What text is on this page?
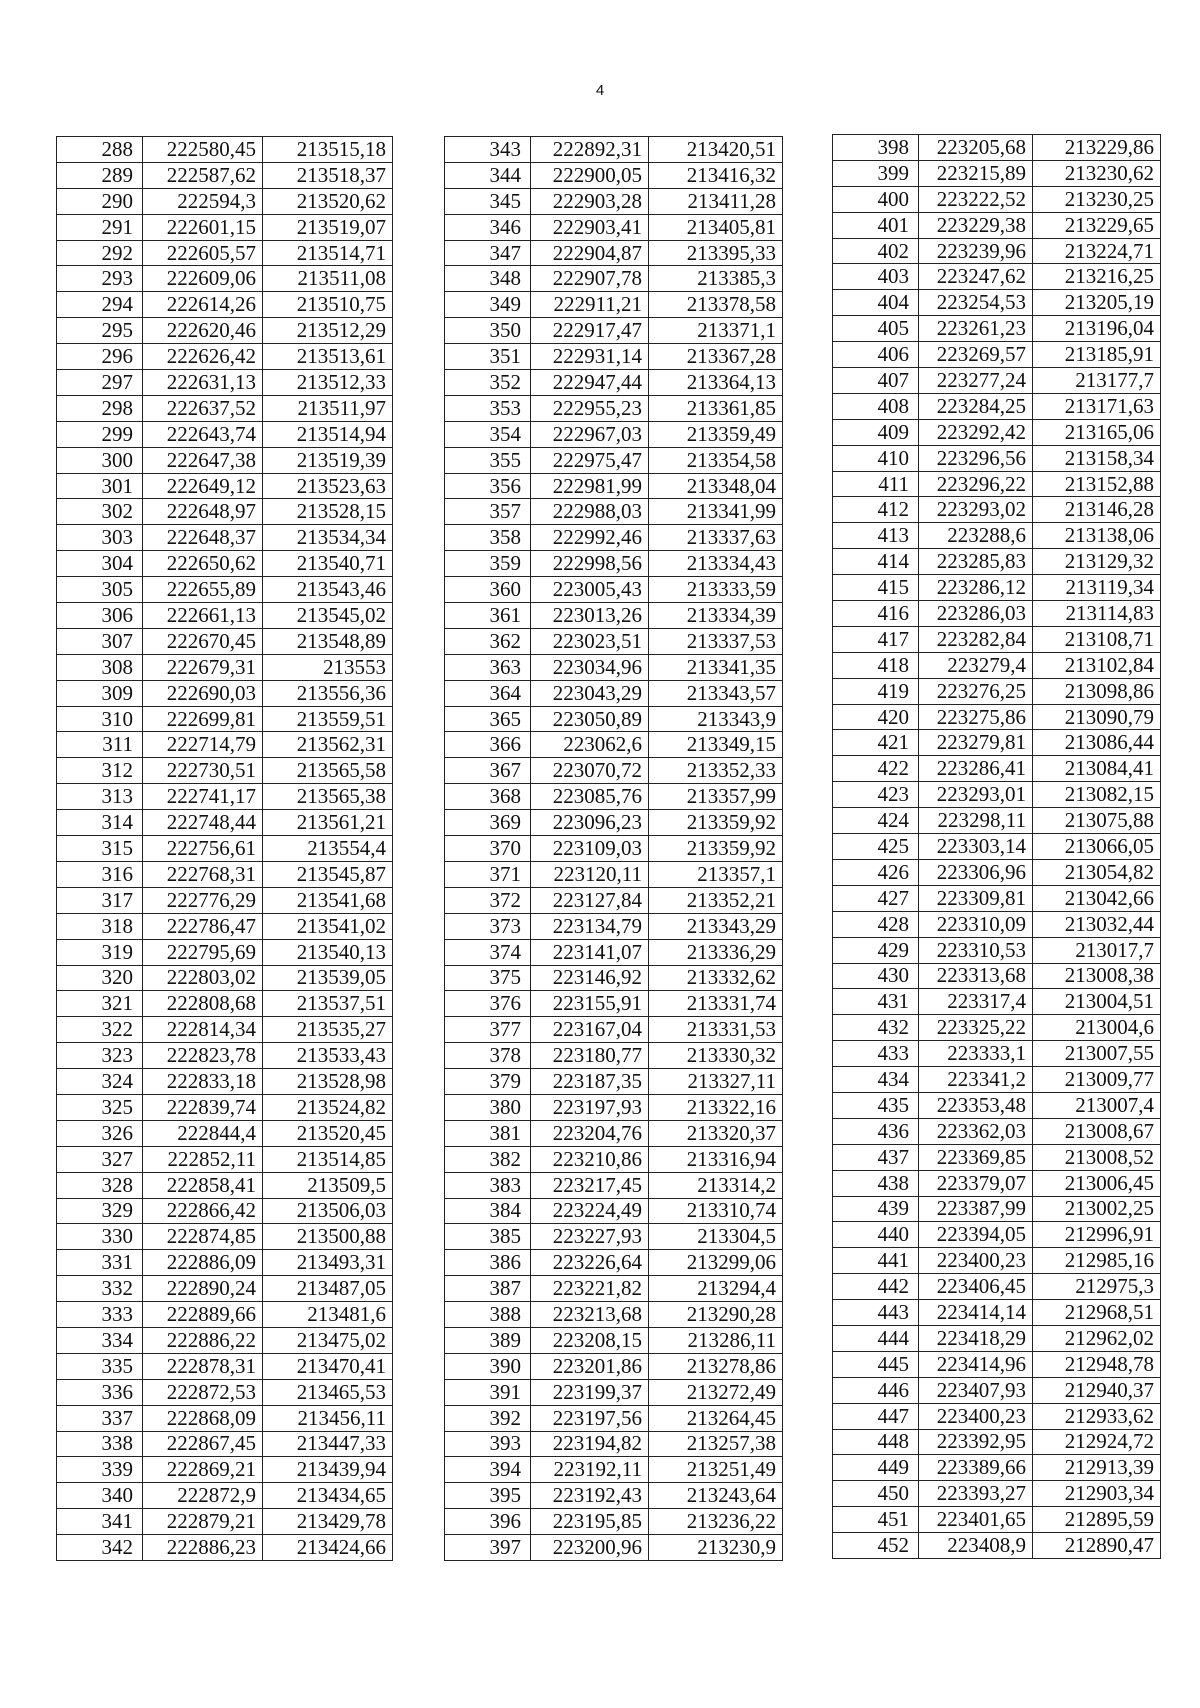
4
288	222580,45	213515,18
289	222587,62	213518,37
290	222594,3	213520,62
291	222601,15	213519,07
292	222605,57	213514,71
293	222609,06	213511,08
294	222614,26	213510,75
295	222620,46	213512,29
296	222626,42	213513,61
297	222631,13	213512,33
298	222637,52	213511,97
299	222643,74	213514,94
300	222647,38	213519,39
301	222649,12	213523,63
302	222648,97	213528,15
303	222648,37	213534,34
304	222650,62	213540,71
305	222655,89	213543,46
306	222661,13	213545,02
307	222670,45	213548,89
308	222679,31	213553
309	222690,03	213556,36
310	222699,81	213559,51
311	222714,79	213562,31
312	222730,51	213565,58
313	222741,17	213565,38
314	222748,44	213561,21
315	222756,61	213554,4
316	222768,31	213545,87
317	222776,29	213541,68
318	222786,47	213541,02
319	222795,69	213540,13
320	222803,02	213539,05
321	222808,68	213537,51
322	222814,34	213535,27
323	222823,78	213533,43
324	222833,18	213528,98
325	222839,74	213524,82
326	222844,4	213520,45
327	222852,11	213514,85
328	222858,41	213509,5
329	222866,42	213506,03
330	222874,85	213500,88
331	222886,09	213493,31
332	222890,24	213487,05
333	222889,66	213481,6
334	222886,22	213475,02
335	222878,31	213470,41
336	222872,53	213465,53
337	222868,09	213456,11
338	222867,45	213447,33
339	222869,21	213439,94
340	222872,9	213434,65
341	222879,21	213429,78
342	222886,23	213424,66
343	222892,31	213420,51
344	222900,05	213416,32
345	222903,28	213411,28
346	222903,41	213405,81
347	222904,87	213395,33
348	222907,78	213385,3
349	222911,21	213378,58
350	222917,47	213371,1
351	222931,14	213367,28
352	222947,44	213364,13
353	222955,23	213361,85
354	222967,03	213359,49
355	222975,47	213354,58
356	222981,99	213348,04
357	222988,03	213341,99
358	222992,46	213337,63
359	222998,56	213334,43
360	223005,43	213333,59
361	223013,26	213334,39
362	223023,51	213337,53
363	223034,96	213341,35
364	223043,29	213343,57
365	223050,89	213343,9
366	223062,6	213349,15
367	223070,72	213352,33
368	223085,76	213357,99
369	223096,23	213359,92
370	223109,03	213359,92
371	223120,11	213357,1
372	223127,84	213352,21
373	223134,79	213343,29
374	223141,07	213336,29
375	223146,92	213332,62
376	223155,91	213331,74
377	223167,04	213331,53
378	223180,77	213330,32
379	223187,35	213327,11
380	223197,93	213322,16
381	223204,76	213320,37
382	223210,86	213316,94
383	223217,45	213314,2
384	223224,49	213310,74
385	223227,93	213304,5
386	223226,64	213299,06
387	223221,82	213294,4
388	223213,68	213290,28
389	223208,15	213286,11
390	223201,86	213278,86
391	223199,37	213272,49
392	223197,56	213264,45
393	223194,82	213257,38
394	223192,11	213251,49
395	223192,43	213243,64
396	223195,85	213236,22
397	223200,96	213230,9
398	223205,68	213229,86
399	223215,89	213230,62
400	223222,52	213230,25
401	223229,38	213229,65
402	223239,96	213224,71
403	223247,62	213216,25
404	223254,53	213205,19
405	223261,23	213196,04
406	223269,57	213185,91
407	223277,24	213177,7
408	223284,25	213171,63
409	223292,42	213165,06
410	223296,56	213158,34
411	223296,22	213152,88
412	223293,02	213146,28
413	223288,6	213138,06
414	223285,83	213129,32
415	223286,12	213119,34
416	223286,03	213114,83
417	223282,84	213108,71
418	223279,4	213102,84
419	223276,25	213098,86
420	223275,86	213090,79
421	223279,81	213086,44
422	223286,41	213084,41
423	223293,01	213082,15
424	223298,11	213075,88
425	223303,14	213066,05
426	223306,96	213054,82
427	223309,81	213042,66
428	223310,09	213032,44
429	223310,53	213017,7
430	223313,68	213008,38
431	223317,4	213004,51
432	223325,22	213004,6
433	223333,1	213007,55
434	223341,2	213009,77
435	223353,48	213007,4
436	223362,03	213008,67
437	223369,85	213008,52
438	223379,07	213006,45
439	223387,99	213002,25
440	223394,05	212996,91
441	223400,23	212985,16
442	223406,45	212975,3
443	223414,14	212968,51
444	223418,29	212962,02
445	223414,96	212948,78
446	223407,93	212940,37
447	223400,23	212933,62
448	223392,95	212924,72
449	223389,66	212913,39
450	223393,27	212903,34
451	223401,65	212895,59
452	223408,9	212890,47
